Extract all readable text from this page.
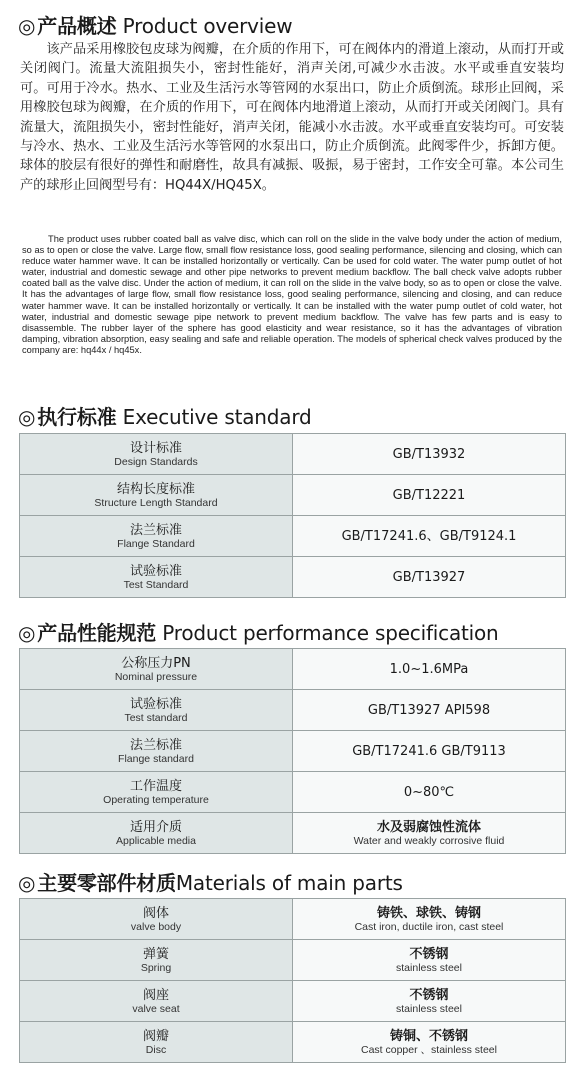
◎ 产品概述 Product overview

该产品采用橡胶包皮球为阀瓣，在介质的作用下，可在阀体内的滑道上滚动，从而打开或关闭阀门。流量大流阻损失小，密封性能好，消声关闭,可减少水击波。水平或垂直安装均可。可用于冷水。热水、工业及生活污水等管网的水泵出口，防止介质倒流。球形止回阀，采用橡胶包球为阀瓣，在介质的作用下，可在阀体内地滑道上滚动，从而打开或关闭阀门。具有流量大，流阻损失小，密封性能好，消声关闭，能减小水击波。水平或垂直安装均可。可安装与冷水、热水、工业及生活污水等管网的水泵出口，防止介质倒流。此阀零件少，拆卸方便。球体的胶层有很好的弹性和耐磨性，故具有减振、吸振，易于密封，工作安全可靠。本公司生产的球形止回阀型号有：HQ44X/HQ45X。

The product uses rubber coated ball as valve disc, which can roll on the slide in the valve body under the action of medium, so as to open or close the valve. Large flow, small flow resistance loss, good sealing performance, silencing and closing, which can reduce water hammer wave. It can be installed horizontally or vertically. Can be used for cold water. The water pump outlet of hot water, industrial and domestic sewage and other pipe networks to prevent medium backflow. The ball check valve adopts rubber coated ball as the valve disc. Under the action of medium, it can roll on the slide in the valve body, so as to open or close the valve. It has the advantages of large flow, small flow resistance loss, good sealing performance, silencing and closing, and can reduce water hammer wave. It can be installed horizontally or vertically. It can be installed with the water pump outlet of cold water, hot water, industrial and domestic sewage pipe network to prevent medium backflow. The valve has few parts and is easy to disassemble. The rubber layer of the sphere has good elasticity and wear resistance, so it has the advantages of vibration damping, vibration absorption, easy sealing and safe and reliable operation. The models of spherical check valves produced by the company are: hq44x / hq45x.

◎ 执行标准 Executive standard
设计标准
Design Standards	GB/T13932

结构长度标准
Structure Length Standard	GB/T12221

法兰标准
Flange Standard	GB/T17241.6、GB/T9124.1

试验标准
Test Standard	GB/T13927
◎ 产品性能规范 Product performance specification
公称压力PN
Nominal pressure	1.0~1.6MPa

试验标准
Test standard	GB/T13927 API598

法兰标准
Flange standard	GB/T17241.6 GB/T9113

工作温度
Operating temperature	0~80℃

适用介质
Applicable media	水及弱腐蚀性流体
Water and weakly corrosive fluid
◎ 主要零部件材质Materials of main parts
阀体
valve body	铸铁、球铁、铸钢
Cast iron, ductile iron, cast steel

弹簧
Spring	不锈钢
stainless steel

阀座
valve seat	不锈钢
stainless steel

阀瓣
Disc	铸铜、不锈钢
Cast copper 、stainless steel
